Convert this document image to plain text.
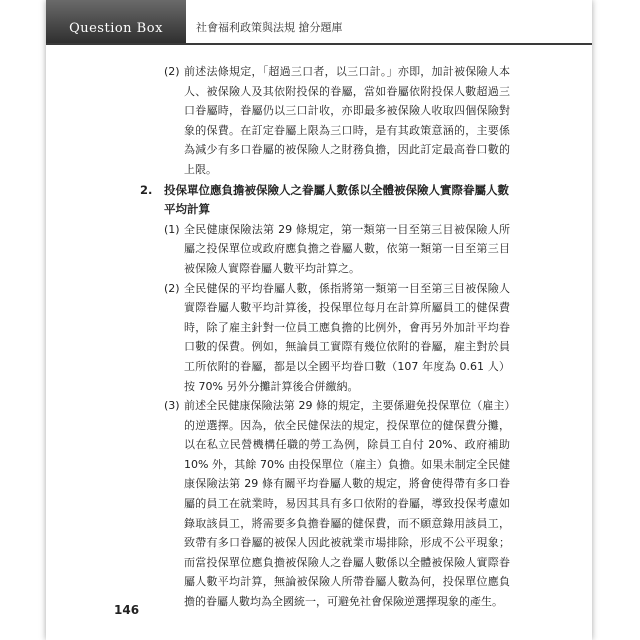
Question Box	社會福利政策與法規 搶分題庫
(2) 前述法條規定，「超過三口者，以三口計。」亦即，加計被保險人本人、被保險人及其依附投保的眷屬，當如眷屬依附投保人數超過三口眷屬時，眷屬仍以三口計收，亦即最多被保險人收取四個保險對象的保費。在訂定眷屬上限為三口時，是有其政策意涵的，主要係為減少有多口眷屬的被保險人之財務負擔，因此訂定最高眷口數的上限。
2.	投保單位應負擔被保險人之眷屬人數係以全體被保險人實際眷屬人數平均計算
(1) 全民健康保險法第 29 條規定，第一類第一目至第三目被保險人所屬之投保單位或政府應負擔之眷屬人數，依第一類第一目至第三目被保險人實際眷屬人數平均計算之。
(2) 全民健保的平均眷屬人數，係指將第一類第一目至第三目被保險人實際眷屬人數平均計算後，投保單位每月在計算所屬員工的健保費時，除了雇主針對一位員工應負擔的比例外，會再另外加計平均眷口數的保費。例如，無論員工實際有幾位依附的眷屬，雇主對於員工所依附的眷屬，都是以全國平均眷口數（107 年度為 0.61 人）按 70% 另外分攤計算後合併繳納。
(3) 前述全民健康保險法第 29 條的規定，主要係避免投保單位（雇主）的逆選擇。因為，依全民健保法的規定，投保單位的健保費分攤，以在私立民營機構任職的勞工為例，除員工自付 20%、政府補助 10% 外，其餘 70% 由投保單位（雇主）負擔。如果未制定全民健康保險法第 29 條有關平均眷屬人數的規定，將會使得帶有多口眷屬的員工在就業時，易因其具有多口依附的眷屬，導致投保考慮如錄取該員工，將需要多負擔眷屬的健保費，而不願意錄用該員工，致帶有多口眷屬的被保人因此被就業市場排除，形成不公平現象；而當投保單位應負擔被保險人之眷屬人數係以全體被保險人實際眷屬人數平均計算，無論被保險人所帶眷屬人數為何，投保單位應負擔的眷屬人數均為全國統一，可避免社會保險逆選擇現象的產生。
146
